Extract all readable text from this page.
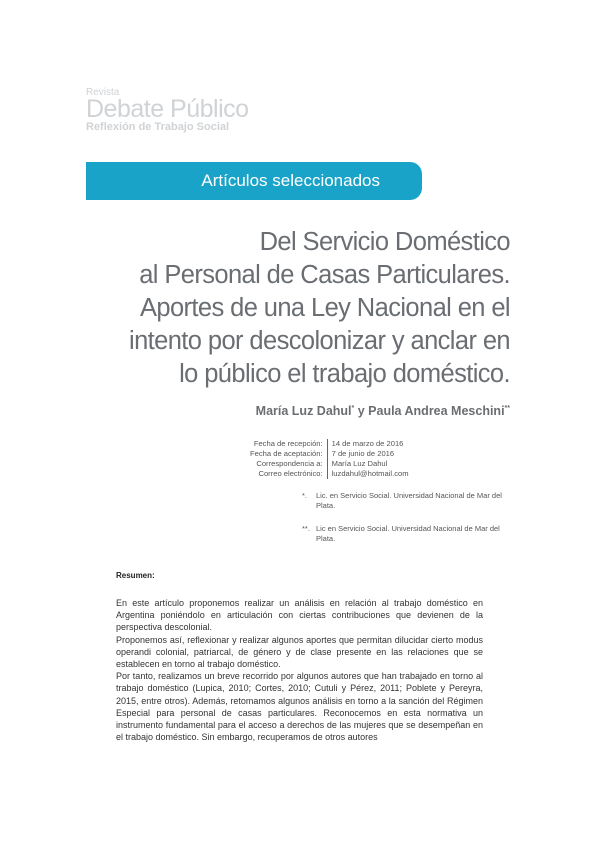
Revista
Debate Público
Reflexión de Trabajo Social
Artículos seleccionados
Del Servicio Doméstico
al Personal de Casas Particulares.
Aportes de una Ley Nacional en el
intento por descolonizar y anclar en
lo público el trabajo doméstico.
María Luz Dahul* y Paula Andrea Meschini**
Fecha de recepción:	14 de marzo de 2016
Fecha de aceptación:	7 de junio de 2016
Correspondencia a:	María Luz Dahul
Correo electrónico:	luzdahul@hotmail.com
*. Lic. en Servicio Social. Universidad Nacional de Mar del Plata.
**. Lic en Servicio Social. Universidad Nacional de Mar del Plata.
Resumen:

En este artículo proponemos realizar un análisis en relación al trabajo doméstico en Argentina poniéndolo en articulación con ciertas contribuciones que devienen de la perspectiva descolonial.

Proponemos así, reflexionar y realizar algunos aportes que permitan dilucidar cierto modus operandi colonial, patriarcal, de género y de clase presente en las relaciones que se establecen en torno al trabajo doméstico.

Por tanto, realizamos un breve recorrido por algunos autores que han trabajado en torno al trabajo doméstico (Lupica, 2010; Cortes, 2010; Cutuli y Pérez, 2011; Poblete y Pereyra, 2015, entre otros). Además, retomamos algunos análisis en torno a la sanción del Régimen Especial para personal de casas particulares. Reconocemos en esta normativa un instrumento fundamental para el acceso a derechos de las mujeres que se desempeñan en el trabajo doméstico. Sin embargo, recuperamos de otros autores
